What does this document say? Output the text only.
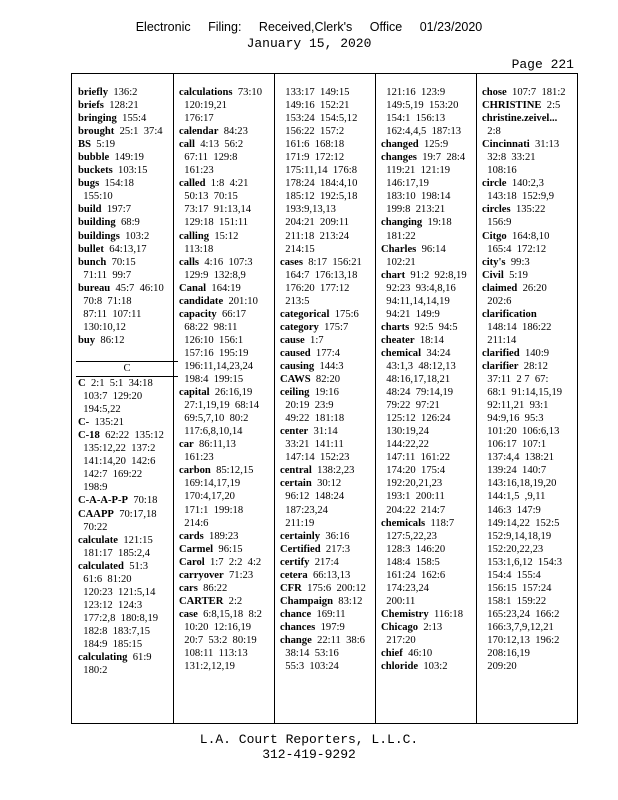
Electronic Filing: Received,Clerk's Office 01/23/2020
January 15, 2020
Page 221
briefly  136:2
briefs  128:21
bringing  155:4
brought  25:1  37:4
BS  5:19
bubble  149:19
buckets  103:15
bugs  154:18
155:10
build  197:7
building  68:9
buildings  103:2
bullet  64:13,17
bunch  70:15
71:11  99:7
bureau  45:7  46:10
70:8  71:18
87:11  107:11
130:10,12
buy  86:12
C
C  2:1  5:1  34:18
103:7  129:20
194:5,22
C-  135:21
C-18  62:22  135:12
135:12,22  137:2
141:14,20  142:6
142:7  169:22
198:9
C-A-A-P-P  70:18
CAAPP  70:17,18
70:22
calculate  121:15
181:17  185:2,4
calculated  51:3
61:6  81:20
120:23  121:5,14
123:12  124:3
177:2,8  180:8,19
182:8  183:7,15
184:9  185:15
calculating  61:9
180:2
calculations  73:10
120:19,21
176:17
calendar  84:23
call  4:13  56:2
67:11  129:8
161:23
called  1:8  4:21
50:13  70:15
73:17  91:13,14
129:18  151:11
calling  15:12
113:18
calls  4:16  107:3
129:9  132:8,9
Canal  164:19
candidate  201:10
capacity  66:17
68:22  98:11
126:10  156:1
157:16  195:19
196:11,14,23,24
198:4  199:15
capital  26:16,19
27:1,19,19  68:14
69:5,7,10  80:2
117:6,8,10,14
car  86:11,13
161:23
carbon  85:12,15
169:14,17,19
170:4,17,20
171:1  199:18
214:6
cards  189:23
Carmel  96:15
Carol  1:7  2:2  4:2
carryover  71:23
cars  86:22
CARTER  2:2
case  6:8,15,18  8:2
10:20  12:16,19
20:7  53:2  80:19
108:11  113:13
131:2,12,19
133:17  149:15
149:16  152:21
153:24  154:5,12
156:22  157:2
161:6  168:18
171:9  172:12
175:11,14  176:8
178:24  184:4,10
185:12  192:5,18
193:9,13,13
204:21  209:11
211:18  213:24
214:15
cases  8:17  156:21
164:7  176:13,18
176:20  177:12
213:5
categorical  175:6
category  175:7
cause  1:7
caused  177:4
causing  144:3
CAWS  82:20
ceiling  19:16
20:19  23:9
49:22  181:18
center  31:14
33:21  141:11
147:14  152:23
central  138:2,23
certain  30:12
96:12  148:24
187:23,24
211:19
certainly  36:16
Certified  217:3
certify  217:4
cetera  66:13,13
CFR  175:6  200:12
Champaign  83:12
chance  169:11
chances  197:9
change  22:11  38:6
38:14  53:16
55:3  103:24
121:16  123:9
149:5,19  153:20
154:1  156:13
162:4,4,5  187:13
changed  125:9
changes  19:7  28:4
119:21  121:19
146:17,19
183:10  198:14
199:8  213:21
changing  19:18
181:22
Charles  96:14
102:21
chart  91:2  92:8,19
92:23  93:4,8,16
94:11,14,14,19
94:21  149:9
charts  92:5  94:5
cheater  18:14
chemical  34:24
43:1,3  48:12,13
48:16,17,18,21
48:24  79:14,19
79:22  97:21
125:12  126:24
130:19,24
144:22,22
147:11  161:22
174:20  175:4
192:20,21,23
193:1  200:11
204:22  214:7
chemicals  118:7
127:5,22,23
128:3  146:20
148:4  158:5
161:24  162:6
174:23,24
200:11
Chemistry  116:18
Chicago  2:13
217:20
chief  46:10
chloride  103:2
chose  107:7  181:2
CHRISTINE  2:5
christine.zeivel...
2:8
Cincinnati  31:13
32:8  33:21
108:16
circle  140:2,3
143:18  152:9,9
circles  135:22
156:9
Citgo  164:8,10
165:4  172:12
city's  99:3
Civil  5:19
claimed  26:20
202:6
clarification
148:14  186:22
211:14
clarified  140:9
clarifier  28:12
37:11  2 7  67:
68:1  91:14,15,19
92:11,21  93:1
94:9,16  95:3
101:20  106:6,13
106:17  107:1
137:4,4  138:21
139:24  140:7
143:16,18,19,20
144:1,5  ,9,11
146:3  147:9
149:14,22  152:5
152:9,14,18,19
152:20,22,23
153:1,6,12  154:3
154:4  155:4
156:15  157:24
158:1  159:22
165:23,24  166:2
166:3,7,9,12,21
170:12,13  196:2
208:16,19
209:20
L.A. Court Reporters, L.L.C.
312-419-9292
